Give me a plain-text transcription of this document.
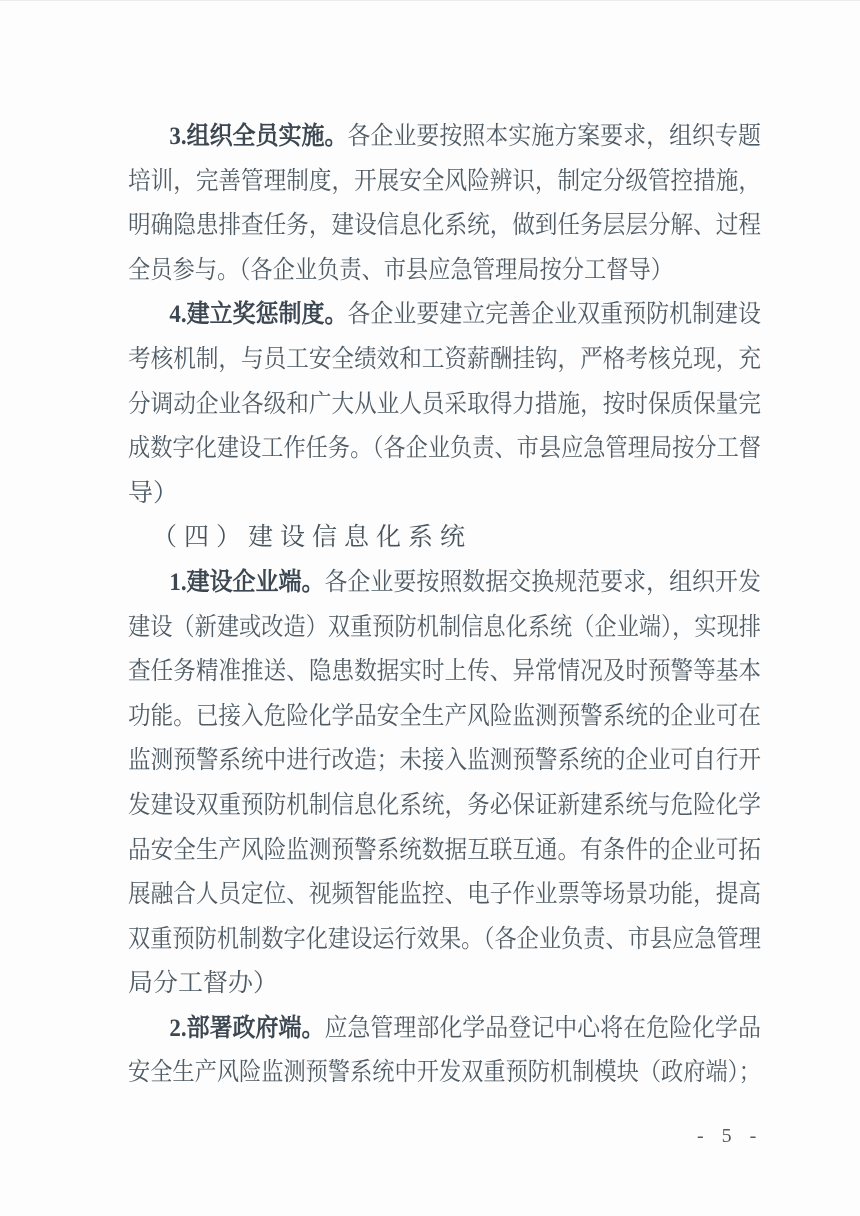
3.组织全员实施。各企业要按照本实施方案要求，组织专题
培训，完善管理制度，开展安全风险辨识，制定分级管控措施，
明确隐患排查任务，建设信息化系统，做到任务层层分解、过程
全员参与。（各企业负责、市县应急管理局按分工督导）
4.建立奖惩制度。各企业要建立完善企业双重预防机制建设
考核机制，与员工安全绩效和工资薪酬挂钩，严格考核兑现，充
分调动企业各级和广大从业人员采取得力措施，按时保质保量完
成数字化建设工作任务。（各企业负责、市县应急管理局按分工督
导）
（四）建设信息化系统
1.建设企业端。各企业要按照数据交换规范要求，组织开发
建设（新建或改造）双重预防机制信息化系统（企业端），实现排
查任务精准推送、隐患数据实时上传、异常情况及时预警等基本
功能。已接入危险化学品安全生产风险监测预警系统的企业可在
监测预警系统中进行改造；未接入监测预警系统的企业可自行开
发建设双重预防机制信息化系统，务必保证新建系统与危险化学
品安全生产风险监测预警系统数据互联互通。有条件的企业可拓
展融合人员定位、视频智能监控、电子作业票等场景功能，提高
双重预防机制数字化建设运行效果。（各企业负责、市县应急管理
局分工督办）
2.部署政府端。应急管理部化学品登记中心将在危险化学品
安全生产风险监测预警系统中开发双重预防机制模块（政府端）；
- 5 -
